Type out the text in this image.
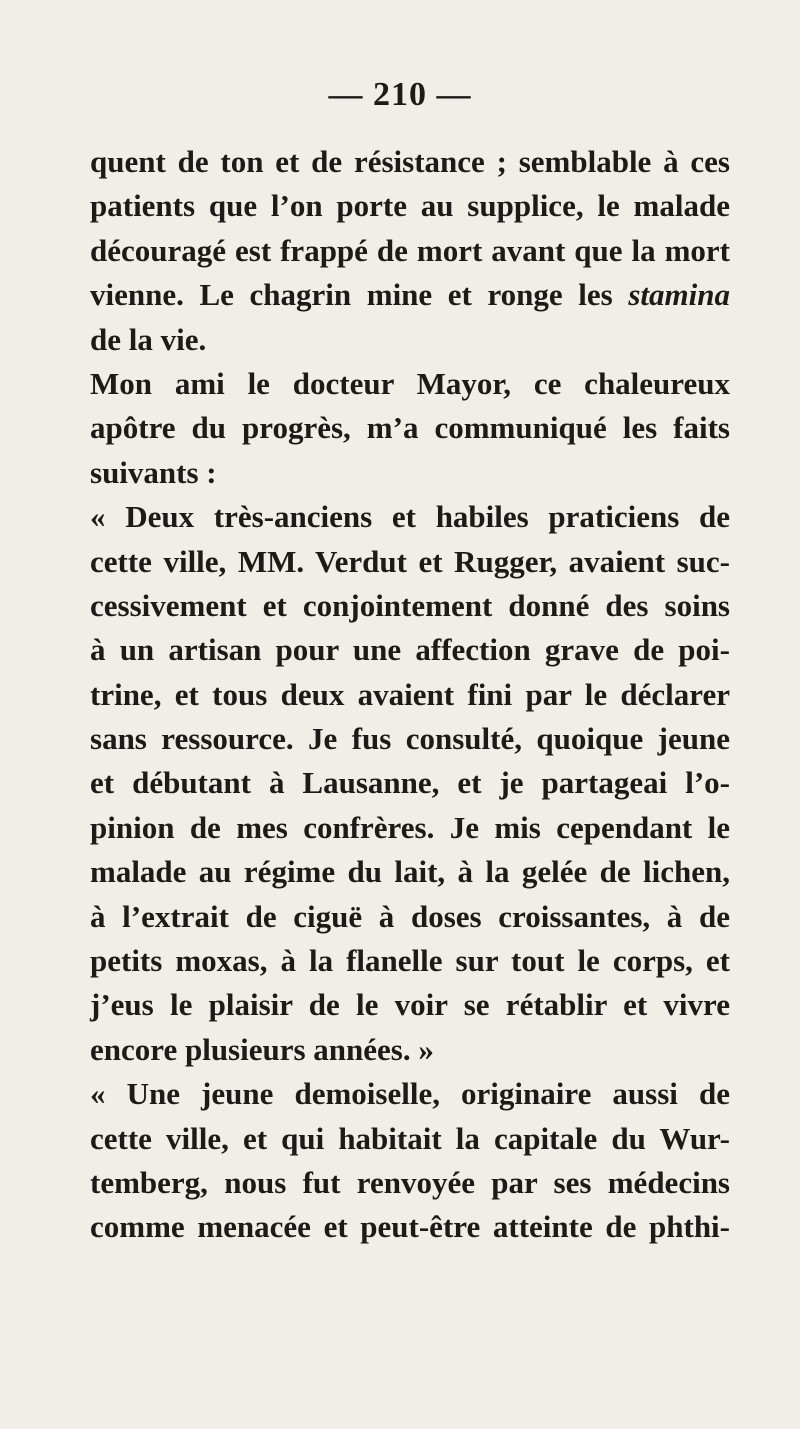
— 210 —
quent de ton et de résistance ; semblable à ces
patients que l’on porte au supplice, le malade
découragé est frappé de mort avant que la mort
vienne. Le chagrin mine et ronge les stamina
de la vie.
Mon ami le docteur Mayor, ce chaleureux
apôtre du progrès, m’a communiqué les faits
suivants :
« Deux très-anciens et habiles praticiens de
cette ville, MM. Verdut et Rugger, avaient suc-
cessivement et conjointement donné des soins
à un artisan pour une affection grave de poi-
trine, et tous deux avaient fini par le déclarer
sans ressource. Je fus consulté, quoique jeune
et débutant à Lausanne, et je partageai l’o-
pinion de mes confrères. Je mis cependant le
malade au régime du lait, à la gelée de lichen,
à l’extrait de ciguë à doses croissantes, à de
petits moxas, à la flanelle sur tout le corps, et
j’eus le plaisir de le voir se rétablir et vivre
encore plusieurs années. »
« Une jeune demoiselle, originaire aussi de
cette ville, et qui habitait la capitale du Wur-
temberg, nous fut renvoyée par ses médecins
comme menacée et peut-être atteinte de phthi-
